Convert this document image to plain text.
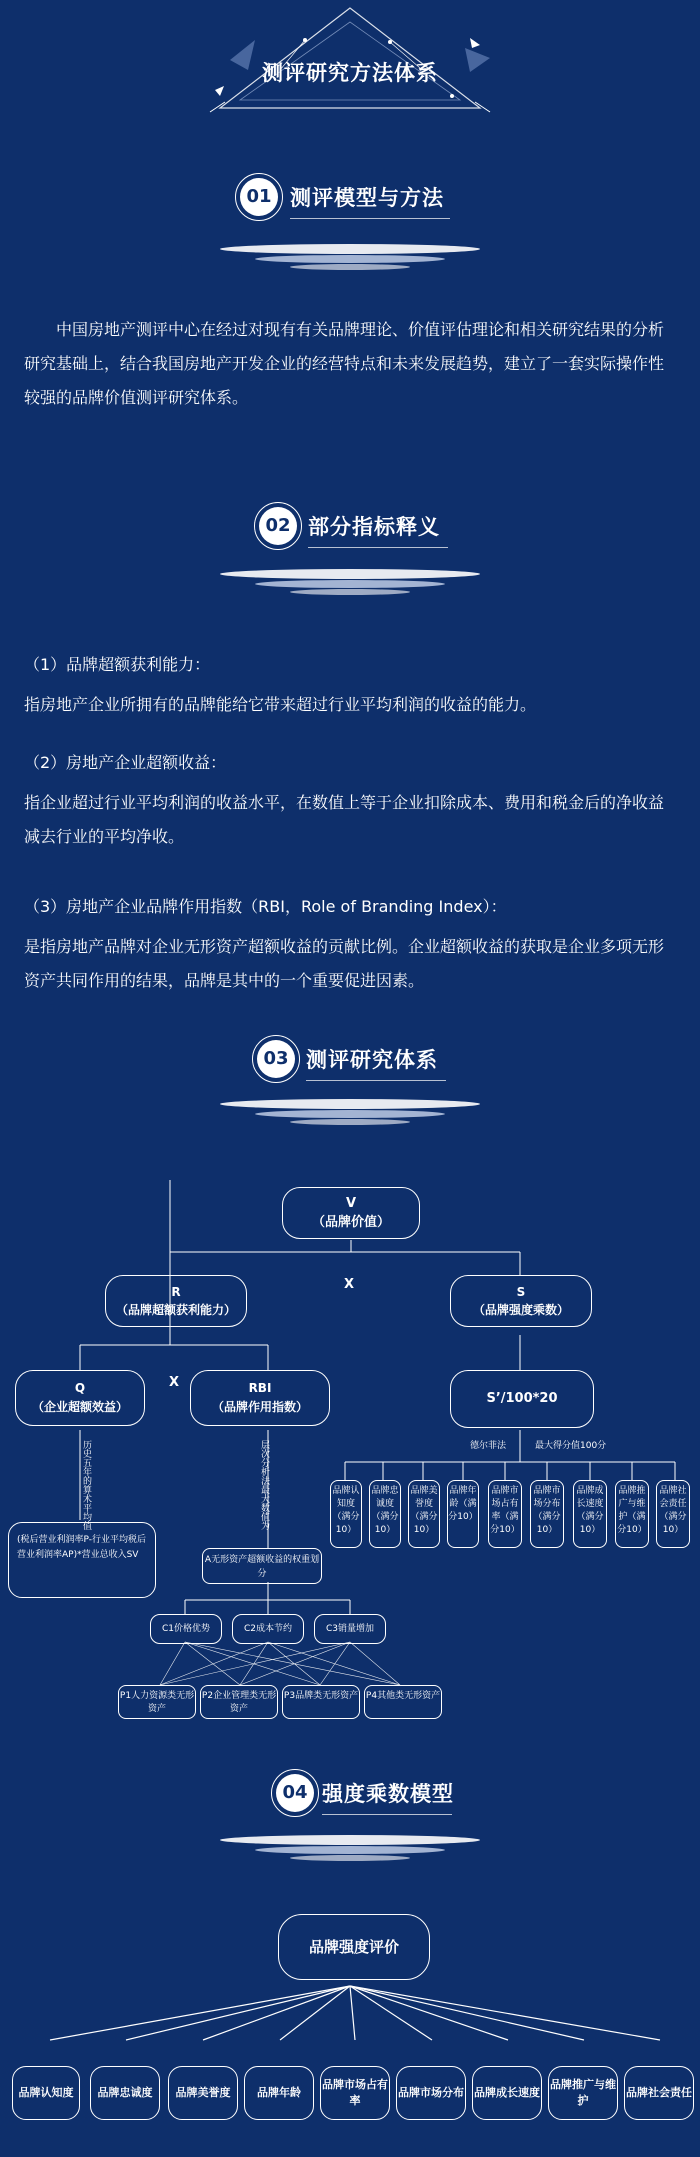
测评研究方法体系
01 测评模型与方法
中国房地产测评中心在经过对现有有关品牌理论、价值评估理论和相关研究结果的分析研究基础上，结合我国房地产开发企业的经营特点和未来发展趋势，建立了一套实际操作性较强的品牌价值测评研究体系。
02 部分指标释义
（1）品牌超额获利能力：
指房地产企业所拥有的品牌能给它带来超过行业平均利润的收益的能力。
（2）房地产企业超额收益：
指企业超过行业平均利润的收益水平，在数值上等于企业扣除成本、费用和税金后的净收益减去行业的平均净收。
（3）房地产企业品牌作用指数（RBI，Role of Branding Index）：
是指房地产品牌对企业无形资产超额收益的贡献比例。企业超额收益的获取是企业多项无形资产共同作用的结果，品牌是其中的一个重要促进因素。
03 测评研究体系
V
（品牌价值）
X
R
（品牌超额获利能力）
S
（品牌强度乘数）
X
Q
（企业超额效益）
RBI
（品牌作用指数）
S’/100*20
历史五年的算术平均值	层次分析法最大数值为	德尔菲法	最大得分值100分
品牌认知度（满分10）
品牌忠诚度（满分10）
品牌美誉度（满分10）
品牌年龄（满分10）
品牌市场占有率（满分10）
品牌市场分布（满分10）
品牌成长速度（满分10）
品牌推广与维护（满分10）
品牌社会责任（满分10）
(税后营业利润率P-行业平均税后营业利润率AP)*营业总收入SV	A无形资产超额收益的权重划分
C1价格优势	C2成本节约	C3销量增加
P1人力资源类无形资产
P2企业管理类无形资产
P3品牌类无形资产 P4其他类无形资产
04 强度乘数模型
品牌强度评价
品牌认知度	品牌忠诚度	品牌美誉度	品牌年龄
品牌市场占有率
品牌市场分布 品牌成长速度
品牌推广与维护
品牌社会责任
